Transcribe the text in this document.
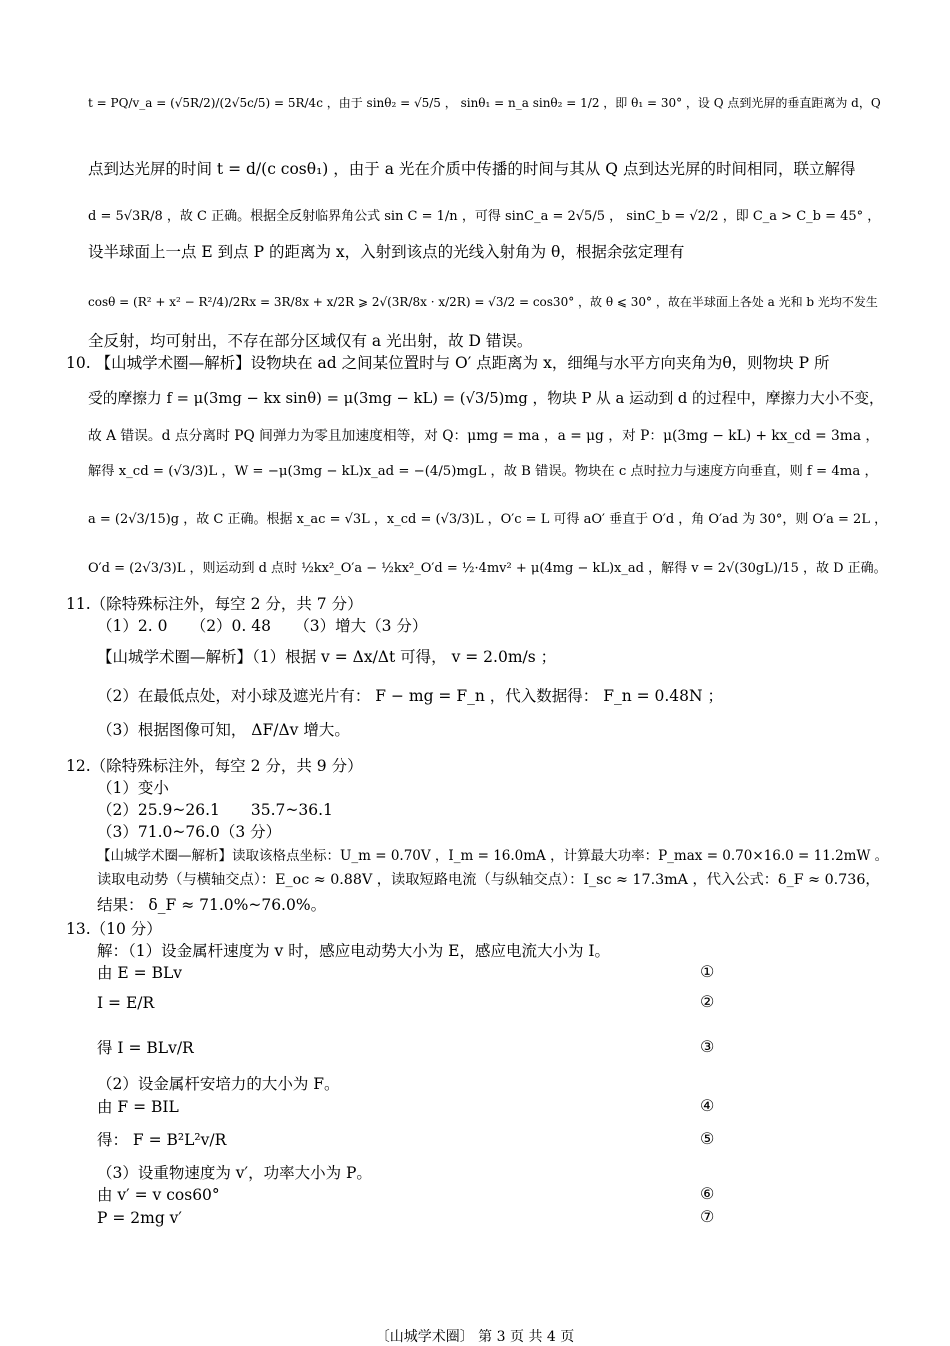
t = PQ/v_a = (√5R/2)/(2√5c/5) = 5R/4c ，由于 sinθ₂ = √5/5 ， sinθ₁ = n_a sinθ₂ = 1/2 ，即 θ₁ = 30° ，设 Q 点到光屏的垂直距离为 d，Q
点到达光屏的时间 t = d/(c cosθ₁) ，由于 a 光在介质中传播的时间与其从 Q 点到达光屏的时间相同，联立解得
d = 5√3R/8 ，故 C 正确。根据全反射临界角公式 sin C = 1/n ，可得 sinC_a = 2√5/5 ， sinC_b = √2/2 ，即 C_a > C_b = 45° ，
设半球面上一点 E 到点 P 的距离为 x，入射到该点的光线入射角为 θ，根据余弦定理有
cosθ = (R² + x² − R²/4)/2Rx = 3R/8x + x/2R ⩾ 2√(3R/8x · x/2R) = √3/2 = cos30° ，故 θ ⩽ 30° ，故在半球面上各处 a 光和 b 光均不发生
全反射，均可射出，不存在部分区域仅有 a 光出射，故 D 错误。
10. 【山城学术圈—解析】设物块在 ad 之间某位置时与 O′ 点距离为 x，细绳与水平方向夹角为θ，则物块 P 所
受的摩擦力 f = μ(3mg − kx sinθ) = μ(3mg − kL) = (√3/5)mg ，物块 P 从 a 运动到 d 的过程中，摩擦力大小不变，
故 A 错误。d 点分离时 PQ 间弹力为零且加速度相等，对 Q：μmg = ma ，a = μg ，对 P：μ(3mg − kL) + kx_cd = 3ma ，
解得 x_cd = (√3/3)L ，W = −μ(3mg − kL)x_ad = −(4/5)mgL ，故 B 错误。物块在 c 点时拉力与速度方向垂直，则 f = 4ma ，
a = (2√3/15)g ，故 C 正确。根据 x_ac = √3L ，x_cd = (√3/3)L ，O′c = L 可得 aO′ 垂直于 O′d ，角 O′ad 为 30°，则 O′a = 2L ，
O′d = (2√3/3)L ，则运动到 d 点时 ½kx²_O′a − ½kx²_O′d = ½·4mv² + μ(4mg − kL)x_ad ，解得 v = 2√(30gL)/15 ，故 D 正确。
11.（除特殊标注外，每空 2 分，共 7 分）
（1）2. 0　　（2）0. 48　　（3）增大（3 分）
【山城学术圈—解析】（1）根据 v = Δx/Δt 可得， v = 2.0m/s ；
（2）在最低点处，对小球及遮光片有： F − mg = F_n ，代入数据得： F_n = 0.48N ；
（3）根据图像可知， ΔF/Δv 增大。
12.（除特殊标注外，每空 2 分，共 9 分）
（1）变小
（2）25.9~26.1　　35.7~36.1
（3）71.0~76.0（3 分）
【山城学术圈—解析】读取该格点坐标：U_m = 0.70V ，I_m = 16.0mA ，计算最大功率：P_max = 0.70×16.0 = 11.2mW 。
读取电动势（与横轴交点）：E_oc ≈ 0.88V ，读取短路电流（与纵轴交点）：I_sc ≈ 17.3mA ，代入公式：δ_F ≈ 0.736，
结果： δ_F ≈ 71.0%~76.0%。
13.（10 分）
解：（1）设金属杆速度为 v 时，感应电动势大小为 E，感应电流大小为 I。
由 E = BLv	①
I = E/R	②
得 I = BLv/R	③
（2）设金属杆安培力的大小为 F。
由 F = BIL	④
得： F = B²L²v/R	⑤
（3）设重物速度为 v′，功率大小为 P。
由 v′ = v cos60°	⑥
P = 2mg v′	⑦
〔山城学术圈〕 第 3 页 共 4 页
